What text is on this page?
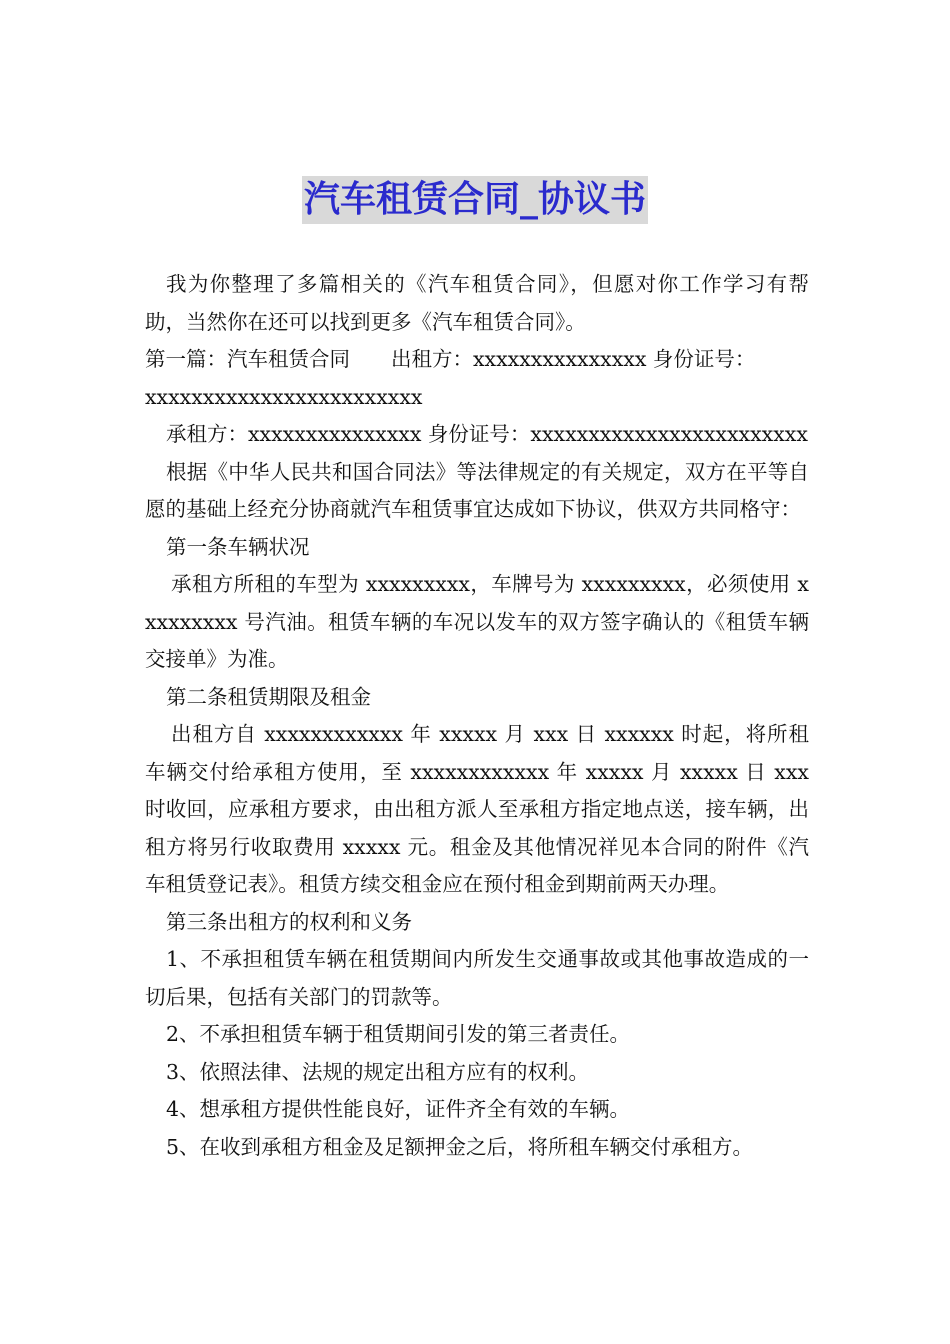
汽车租赁合同_协议书

我为你整理了多篇相关的《汽车租赁合同》，但愿对你工作学习有帮助，当然你在还可以找到更多《汽车租赁合同》。

第一篇：汽车租赁合同　　出租方：xxxxxxxxxxxxxxx 身份证号：

xxxxxxxxxxxxxxxxxxxxxxxx

承租方：xxxxxxxxxxxxxxx 身份证号：xxxxxxxxxxxxxxxxxxxxxxxx

根据《中华人民共和国合同法》等法律规定的有关规定，双方在平等自愿的基础上经充分协商就汽车租赁事宜达成如下协议，供双方共同格守：

第一条车辆状况

承租方所租的车型为 xxxxxxxxx，车牌号为 xxxxxxxxx，必须使用 xxxxxxxxx 号汽油。租赁车辆的车况以发车的双方签字确认的《租赁车辆交接单》为准。

第二条租赁期限及租金

出租方自 xxxxxxxxxxxx 年 xxxxx 月 xxx 日 xxxxxx 时起，将所租车辆交付给承租方使用，至 xxxxxxxxxxxx 年 xxxxx 月 xxxxx 日 xxx 时收回，应承租方要求，由出租方派人至承租方指定地点送，接车辆，出租方将另行收取费用 xxxxx 元。租金及其他情况祥见本合同的附件《汽车租赁登记表》。租赁方续交租金应在预付租金到期前两天办理。

第三条出租方的权利和义务

1、不承担租赁车辆在租赁期间内所发生交通事故或其他事故造成的一切后果，包括有关部门的罚款等。

2、不承担租赁车辆于租赁期间引发的第三者责任。

3、依照法律、法规的规定出租方应有的权利。

4、想承租方提供性能良好，证件齐全有效的车辆。

5、在收到承租方租金及足额押金之后，将所租车辆交付承租方。
